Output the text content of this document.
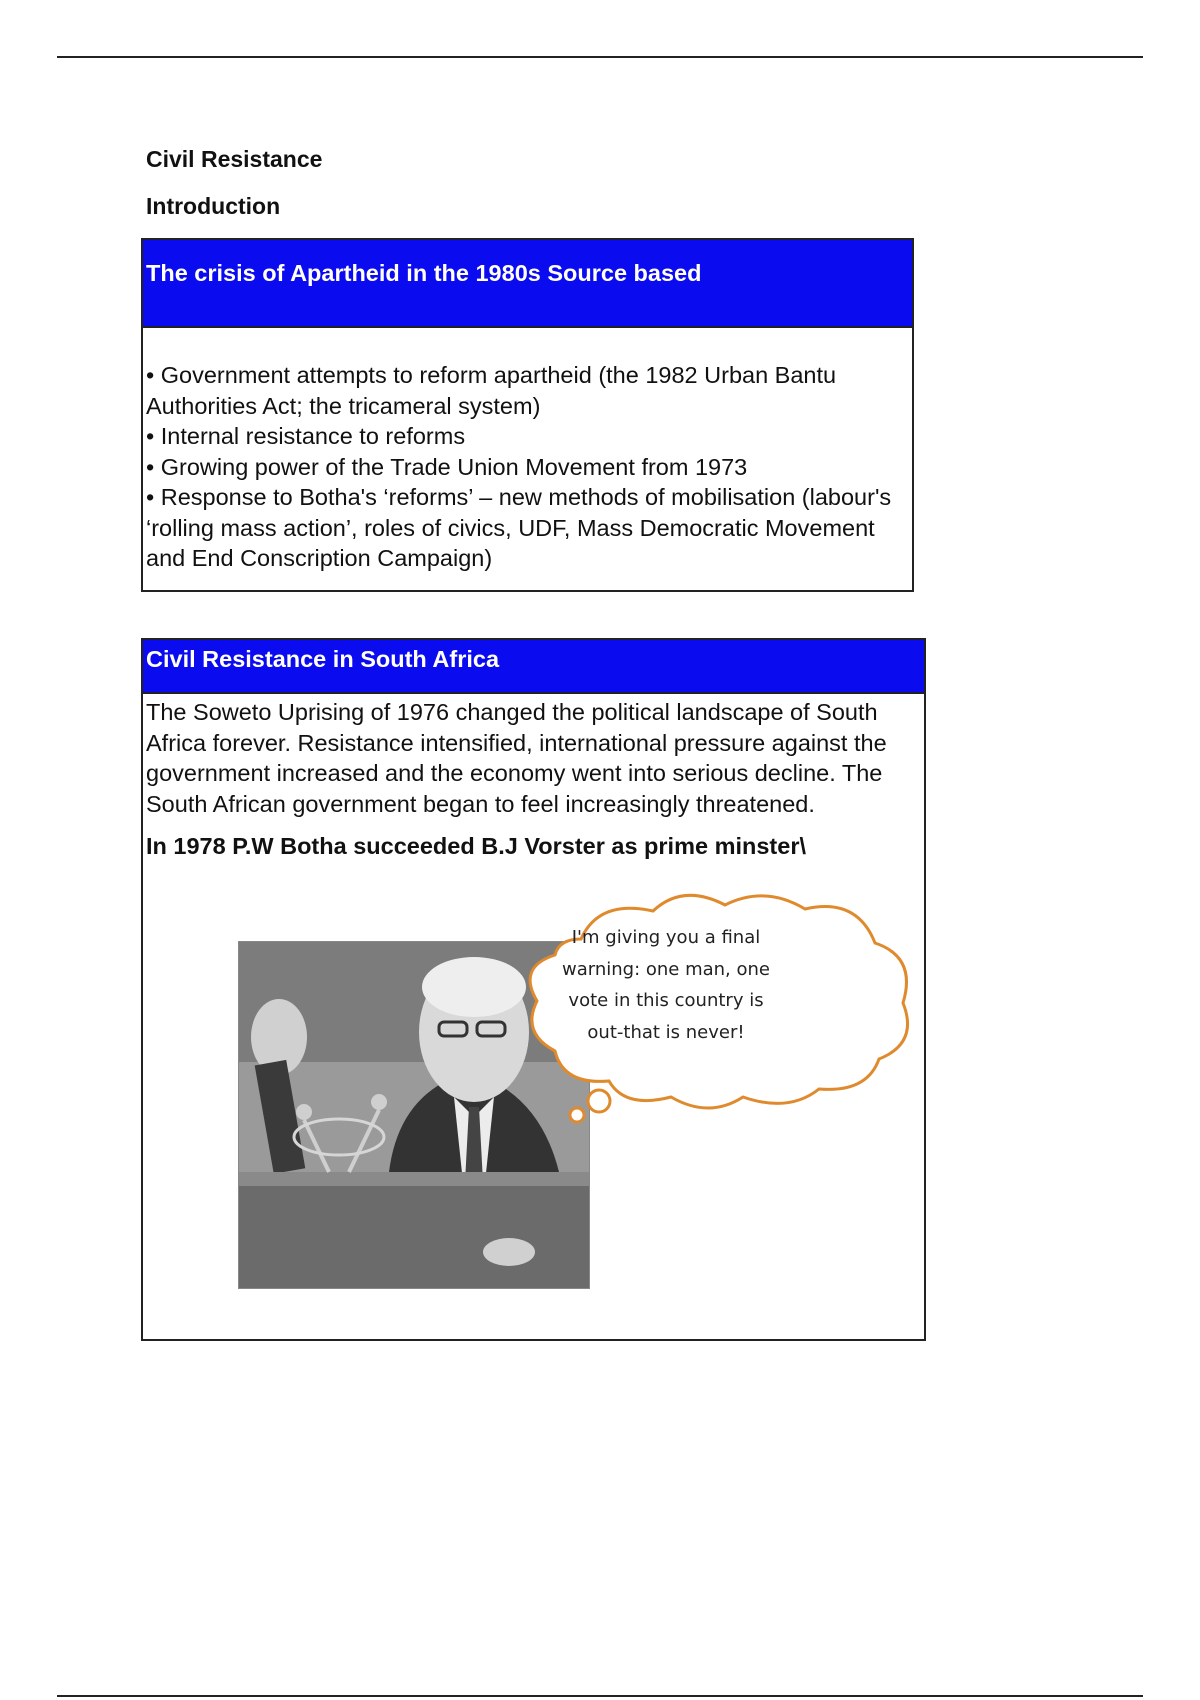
Civil Resistance
Introduction
The crisis of Apartheid in the 1980s Source based
• Government attempts to reform apartheid (the 1982 Urban Bantu Authorities Act; the tricameral system)
• Internal resistance to reforms
• Growing power of the Trade Union Movement from 1973
• Response to Botha's ‘reforms’ – new methods of mobilisation (labour's ‘rolling mass action’, roles of civics, UDF, Mass Democratic Movement and End Conscription Campaign)
Civil Resistance in South Africa
The Soweto Uprising of 1976 changed the political landscape of South Africa forever. Resistance intensified, international pressure against the government increased and the economy went into serious decline. The South African government began to feel increasingly threatened.
In 1978 P.W Botha succeeded B.J Vorster as prime minster\
I'm giving you a final
warning: one man, one
vote in this country is
out-that is never!
